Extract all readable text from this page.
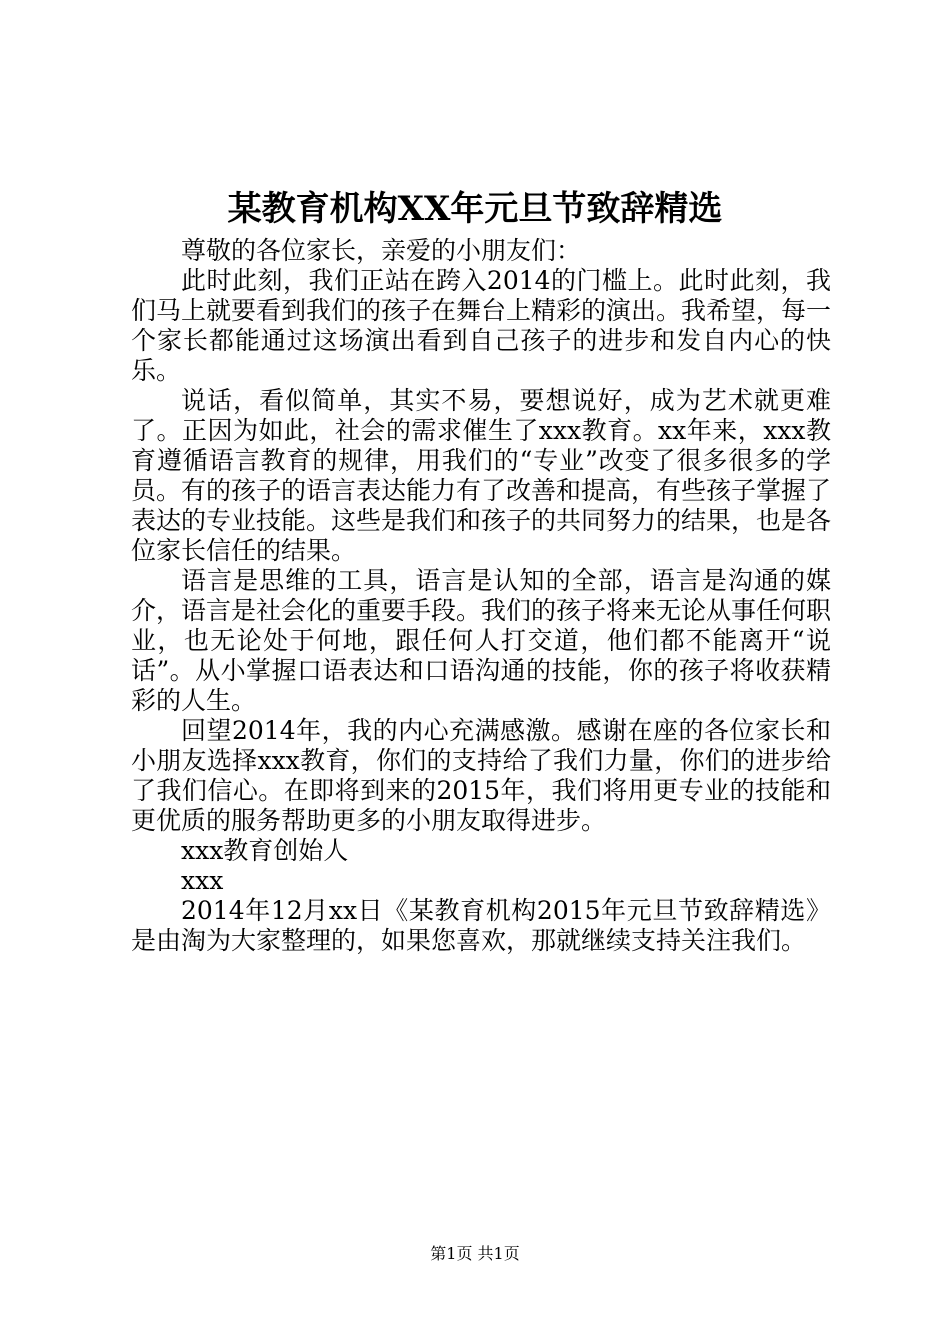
某教育机构XX年元旦节致辞精选

尊敬的各位家长，亲爱的小朋友们：

此时此刻，我们正站在跨入2014的门槛上。此时此刻，我们马上就要看到我们的孩子在舞台上精彩的演出。我希望，每一个家长都能通过这场演出看到自己孩子的进步和发自内心的快乐。

说话，看似简单，其实不易，要想说好，成为艺术就更难了。正因为如此，社会的需求催生了xxx教育。xx年来，xxx教育遵循语言教育的规律，用我们的“专业”改变了很多很多的学员。有的孩子的语言表达能力有了改善和提高，有些孩子掌握了表达的专业技能。这些是我们和孩子的共同努力的结果，也是各位家长信任的结果。

语言是思维的工具，语言是认知的全部，语言是沟通的媒介，语言是社会化的重要手段。我们的孩子将来无论从事任何职业，也无论处于何地，跟任何人打交道，他们都不能离开“说话”。从小掌握口语表达和口语沟通的技能，你的孩子将收获精彩的人生。

回望2014年，我的内心充满感激。感谢在座的各位家长和小朋友选择xxx教育，你们的支持给了我们力量，你们的进步给了我们信心。在即将到来的2015年，我们将用更专业的技能和更优质的服务帮助更多的小朋友取得进步。

xxx教育创始人

xxx

2014年12月xx日《某教育机构2015年元旦节致辞精选》是由淘为大家整理的，如果您喜欢，那就继续支持关注我们。

第1页 共1页
